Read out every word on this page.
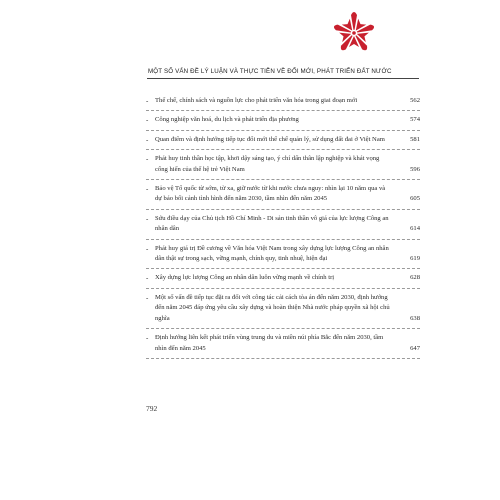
MỘT SỐ VẤN ĐỀ LÝ LUẬN VÀ THỰC TIỄN VỀ ĐỔI MỚI, PHÁT TRIỂN ĐẤT NƯỚC
-	Thể chế, chính sách và nguồn lực cho phát triển văn hóa trong giai đoạn mới	562
-	Công nghiệp văn hoá, du lịch và phát triển địa phương	574
-	Quan điểm và định hướng tiếp tục đổi mới thể chế quản lý, sử dụng đất đai ở Việt Nam	581
-	Phát huy tinh thần học tập, khơi dậy sáng tạo, ý chí dấn thân lập nghiệp và khát vọng cống hiến của thế hệ trẻ Việt Nam	596
-	Bảo vệ Tổ quốc từ sớm, từ xa, giữ nước từ khi nước chưa nguy: nhìn lại 10 năm qua và dự báo bối cảnh tình hình đến năm 2030, tầm nhìn đến năm 2045	605
-	Sứu điều dạy của Chủ tịch Hồ Chí Minh - Di sản tinh thần vô giá của lực lượng Công an nhân dân	614
-	Phát huy giá trị Đề cương về Văn hóa Việt Nam trong xây dựng lực lượng Công an nhân dân thật sự trong sạch, vững mạnh, chính quy, tinh nhuệ, hiện đại	619
-	Xây dựng lực lượng Công an nhân dân luôn vững mạnh về chính trị	628
-	Một số vấn đề tiếp tục đặt ra đối với công tác cải cách tòa án đến năm 2030, định hướng đến năm 2045 đáp ứng yêu cầu xây dựng và hoàn thiện Nhà nước pháp quyền xã hội chủ nghĩa	638
-	Định hướng liên kết phát triển vùng trung du và miền núi phía Bắc đến năm 2030, tầm nhìn đến năm 2045	647
792
